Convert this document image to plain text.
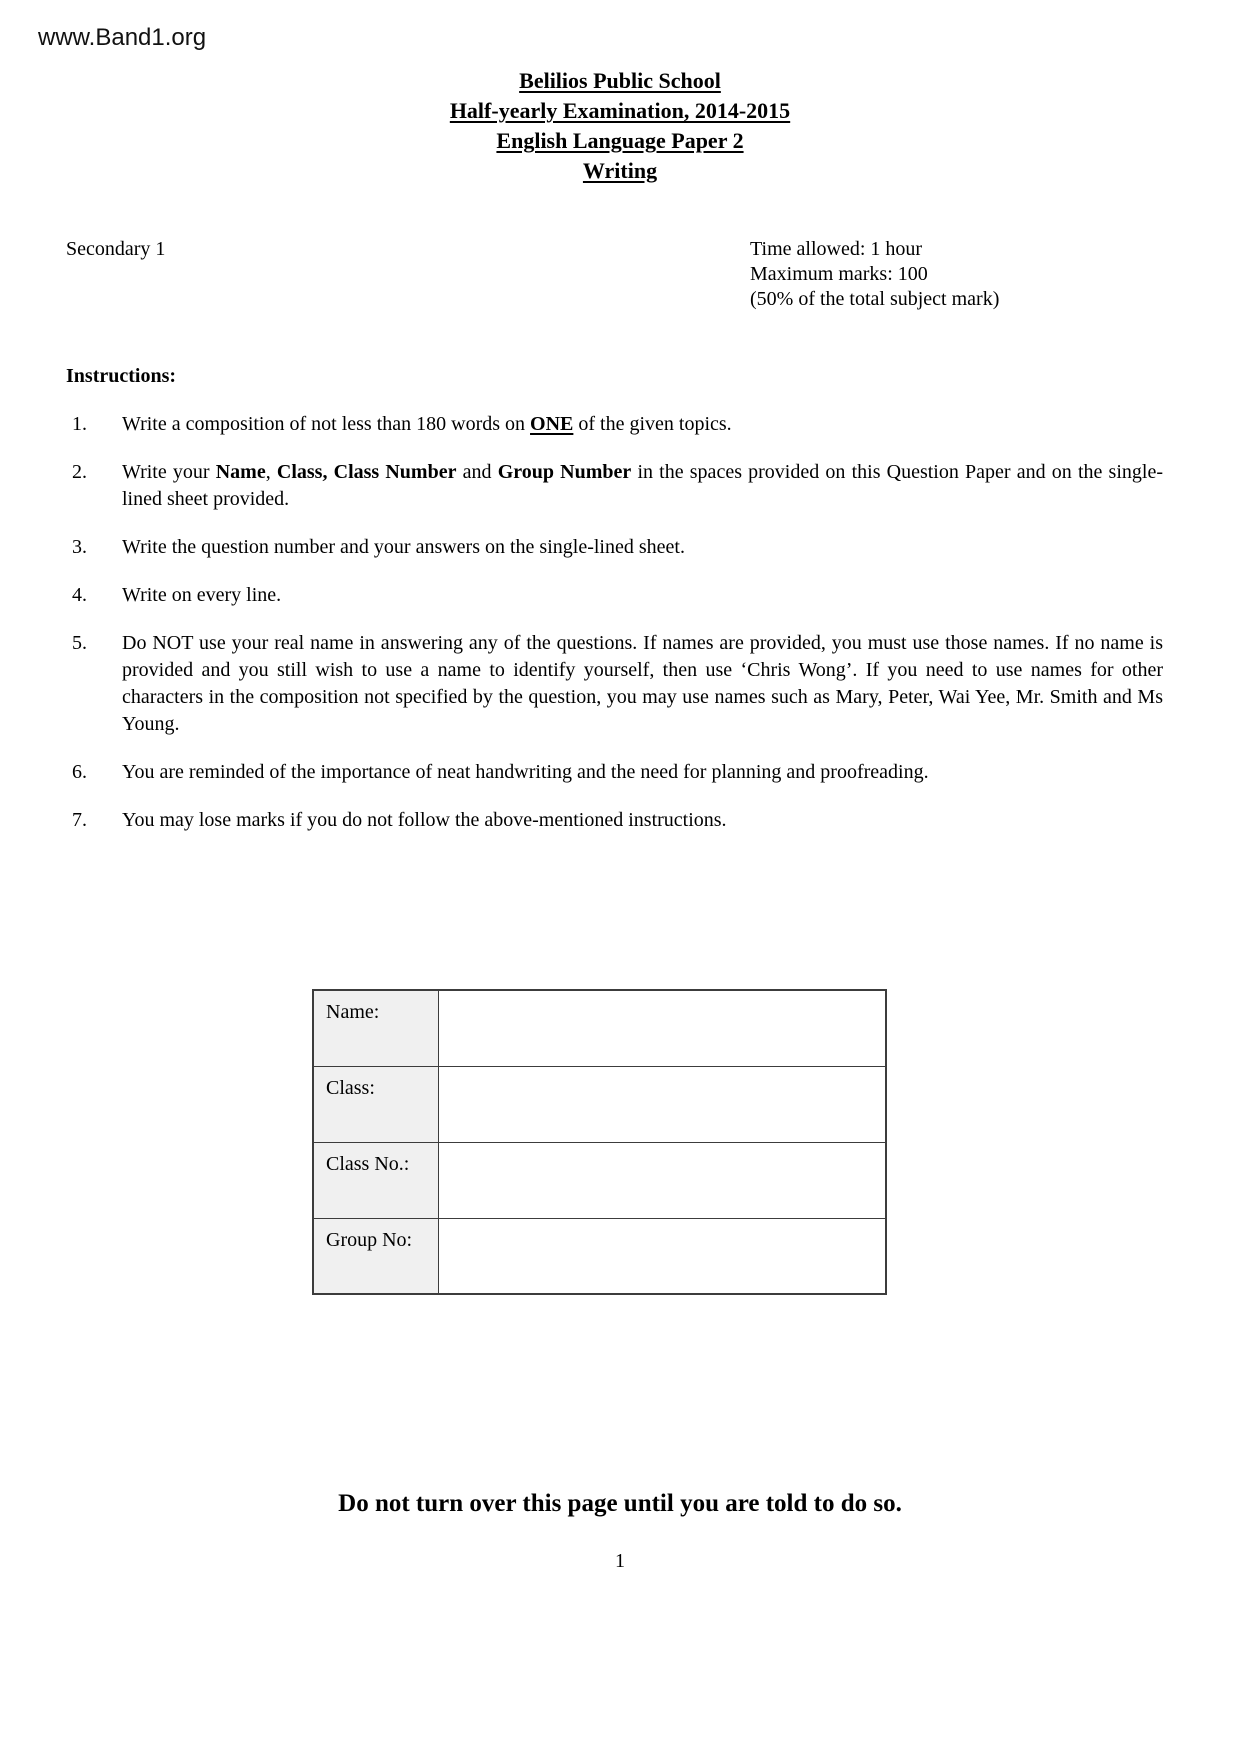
www.Band1.org
Belilios Public School
Half-yearly Examination, 2014-2015
English Language Paper 2
Writing
Secondary 1	Time allowed: 1 hour
Maximum marks: 100
(50% of the total subject mark)
Instructions:
1.	Write a composition of not less than 180 words on ONE of the given topics.
2.	Write your Name, Class, Class Number and Group Number in the spaces provided on this Question Paper and on the single-lined sheet provided.
3.	Write the question number and your answers on the single-lined sheet.
4.	Write on every line.
5.	Do NOT use your real name in answering any of the questions. If names are provided, you must use those names. If no name is provided and you still wish to use a name to identify yourself, then use ‘Chris Wong’. If you need to use names for other characters in the composition not specified by the question, you may use names such as Mary, Peter, Wai Yee, Mr. Smith and Ms Young.
6.	You are reminded of the importance of neat handwriting and the need for planning and proofreading.
7.	You may lose marks if you do not follow the above-mentioned instructions.
Name:	
Class:	
Class No.:	
Group No:	
Do not turn over this page until you are told to do so.
1
